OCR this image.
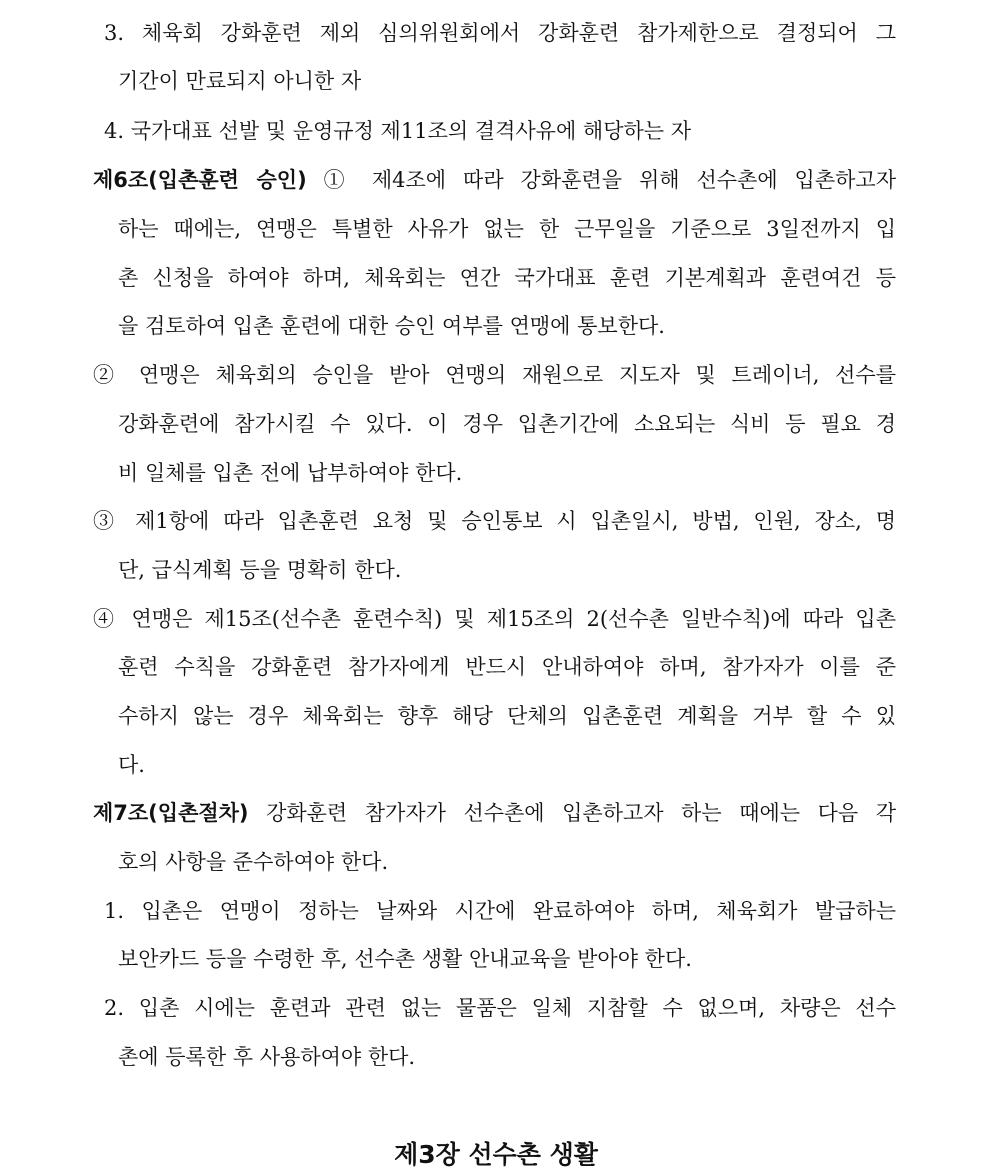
3. 체육회 강화훈련 제외 심의위원회에서 강화훈련 참가제한으로 결정되어 그
기간이 만료되지 아니한 자
4. 국가대표 선발 및 운영규정 제11조의 결격사유에 해당하는 자
제6조(입촌훈련 승인) ① 제4조에 따라 강화훈련을 위해 선수촌에 입촌하고자
하는 때에는, 연맹은 특별한 사유가 없는 한 근무일을 기준으로 3일전까지 입
촌 신청을 하여야 하며, 체육회는 연간 국가대표 훈련 기본계획과 훈련여건 등
을 검토하여 입촌 훈련에 대한 승인 여부를 연맹에 통보한다.
② 연맹은 체육회의 승인을 받아 연맹의 재원으로 지도자 및 트레이너, 선수를
강화훈련에 참가시킬 수 있다. 이 경우 입촌기간에 소요되는 식비 등 필요 경
비 일체를 입촌 전에 납부하여야 한다.
③ 제1항에 따라 입촌훈련 요청 및 승인통보 시 입촌일시, 방법, 인원, 장소, 명
단, 급식계획 등을 명확히 한다.
④ 연맹은 제15조(선수촌 훈련수칙) 및 제15조의 2(선수촌 일반수칙)에 따라 입촌
훈련 수칙을 강화훈련 참가자에게 반드시 안내하여야 하며, 참가자가 이를 준
수하지 않는 경우 체육회는 향후 해당 단체의 입촌훈련 계획을 거부 할 수 있
다.
제7조(입촌절차) 강화훈련 참가자가 선수촌에 입촌하고자 하는 때에는 다음 각
호의 사항을 준수하여야 한다.
1. 입촌은 연맹이 정하는 날짜와 시간에 완료하여야 하며, 체육회가 발급하는
보안카드 등을 수령한 후, 선수촌 생활 안내교육을 받아야 한다.
2. 입촌 시에는 훈련과 관련 없는 물품은 일체 지참할 수 없으며, 차량은 선수
촌에 등록한 후 사용하여야 한다.
제3장 선수촌 생활
